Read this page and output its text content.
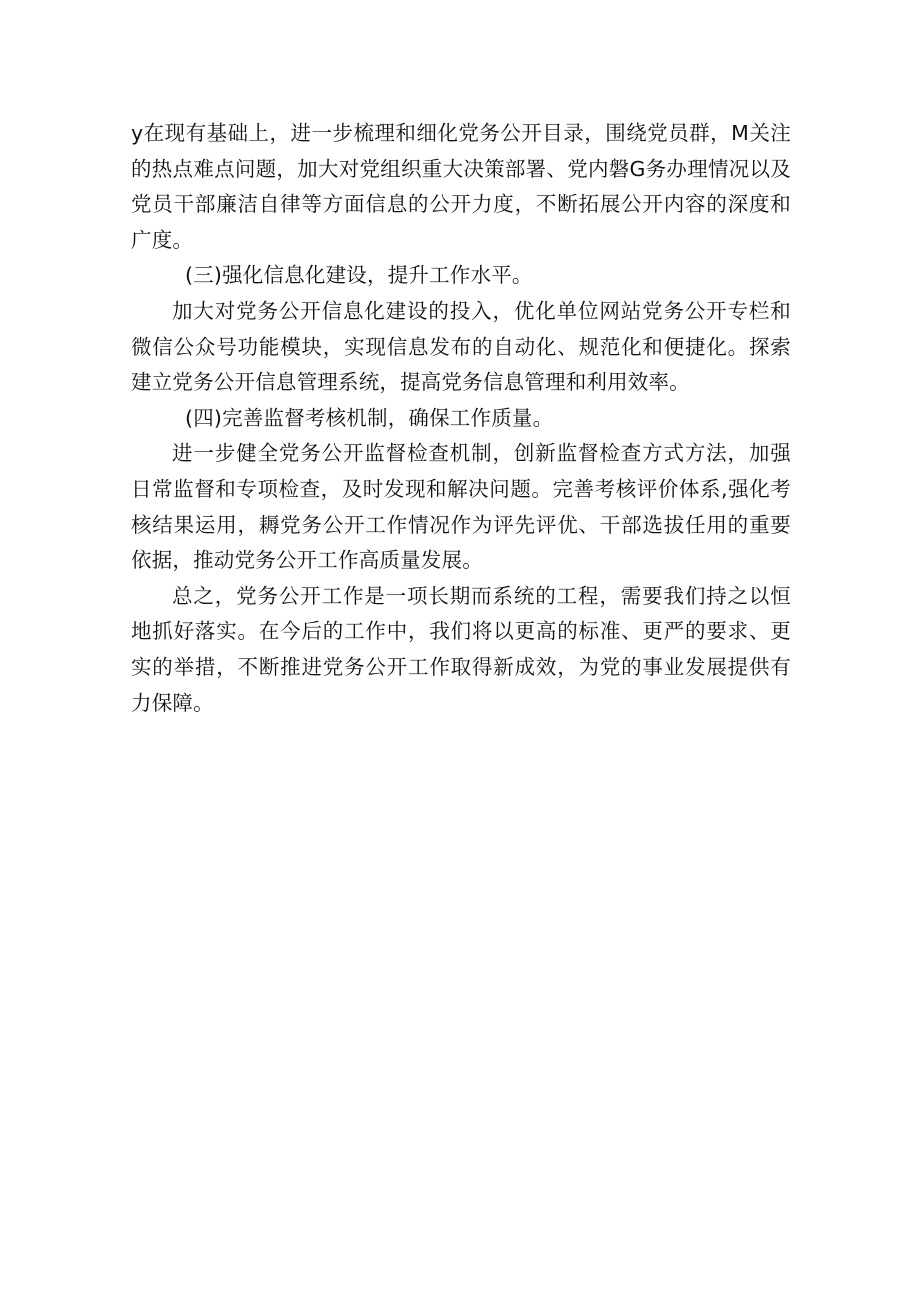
y在现有基础上，进一步梳理和细化党务公开目录，围绕党员群，M关注的热点难点问题，加大对党组织重大决策部署、党内磐G务办理情况以及党员干部廉洁自律等方面信息的公开力度，不断拓展公开内容的深度和广度。

(三)强化信息化建设，提升工作水平。

加大对党务公开信息化建设的投入，优化单位网站党务公开专栏和微信公众号功能模块，实现信息发布的自动化、规范化和便捷化。探索建立党务公开信息管理系统，提高党务信息管理和利用效率。

(四)完善监督考核机制，确保工作质量。

进一步健全党务公开监督检查机制，创新监督检查方式方法，加强日常监督和专项检查，及时发现和解决问题。完善考核评价体系,强化考核结果运用，耨党务公开工作情况作为评先评优、干部选拔任用的重要依据，推动党务公开工作高质量发展。

总之，党务公开工作是一项长期而系统的工程，需要我们持之以恒地抓好落实。在今后的工作中，我们将以更高的标准、更严的要求、更实的举措，不断推进党务公开工作取得新成效，为党的事业发展提供有力保障。
